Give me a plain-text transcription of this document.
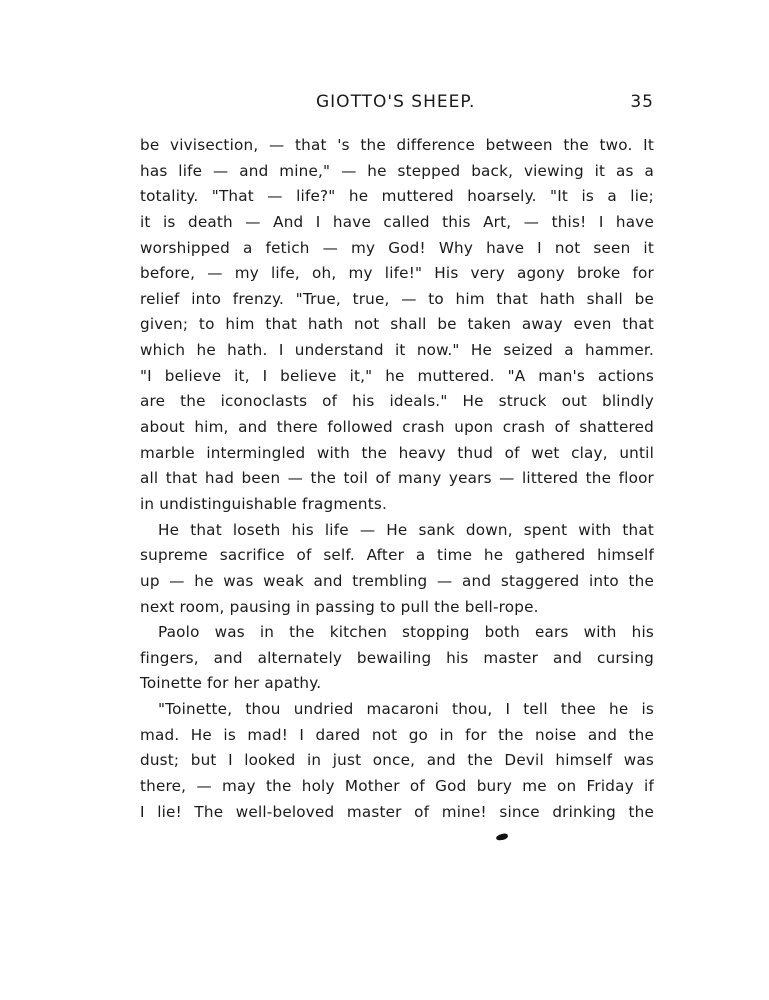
GIOTTO'S SHEEP.	35
be vivisection, — that 's the difference between the two. It
has life — and mine," — he stepped back, viewing it as a
totality. "That — life?" he muttered hoarsely. "It is a lie;
it is death — And I have called this Art, — this! I have
worshipped a fetich — my God! Why have I not seen it
before, — my life, oh, my life!" His very agony broke for
relief into frenzy. "True, true, — to him that hath shall be
given; to him that hath not shall be taken away even that
which he hath. I understand it now." He seized a hammer.
"I believe it, I believe it," he muttered. "A man's actions
are the iconoclasts of his ideals." He struck out blindly
about him, and there followed crash upon crash of shattered
marble intermingled with the heavy thud of wet clay, until
all that had been — the toil of many years — littered the floor
in undistinguishable fragments.
He that loseth his life — He sank down, spent with that
supreme sacrifice of self. After a time he gathered himself
up — he was weak and trembling — and staggered into the
next room, pausing in passing to pull the bell-rope.
Paolo was in the kitchen stopping both ears with his
fingers, and alternately bewailing his master and cursing
Toinette for her apathy.
"Toinette, thou undried macaroni thou, I tell thee he is
mad. He is mad! I dared not go in for the noise and the
dust; but I looked in just once, and the Devil himself was
there, — may the holy Mother of God bury me on Friday if
I lie! The well-beloved master of mine! since drinking the
